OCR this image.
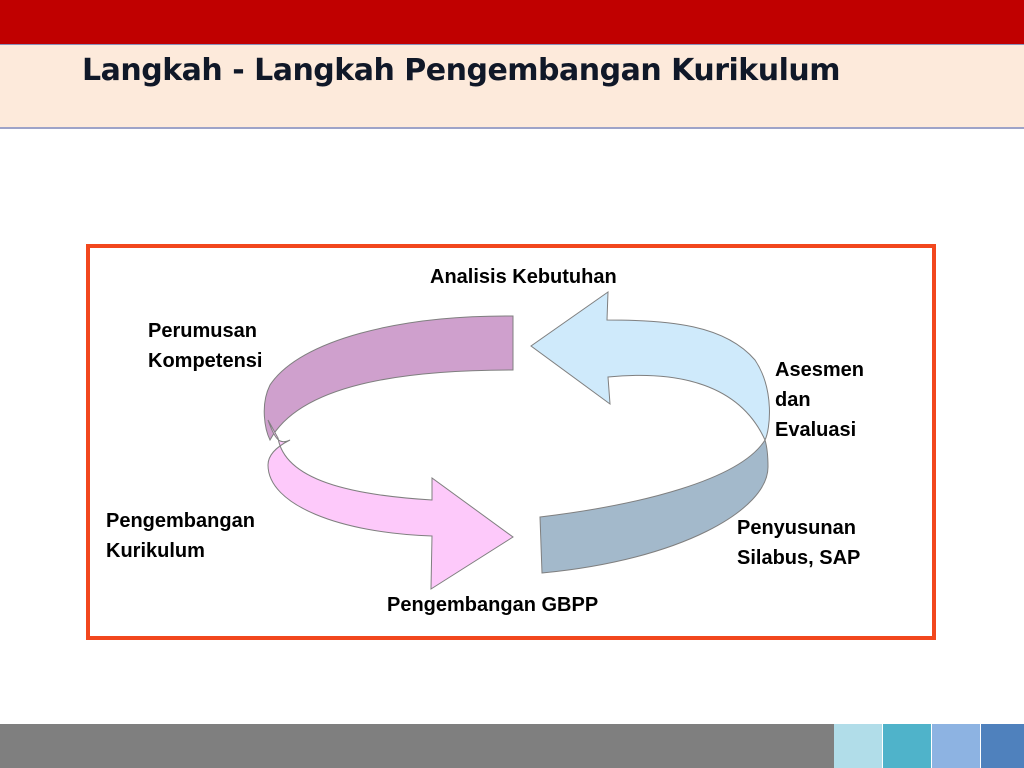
Langkah - Langkah Pengembangan Kurikulum
Analisis Kebutuhan
Perumusan
Kompetensi	Asesmen
dan
Evaluasi
Pengembangan
Kurikulum
Penyusunan
Silabus, SAP
Pengembangan GBPP
